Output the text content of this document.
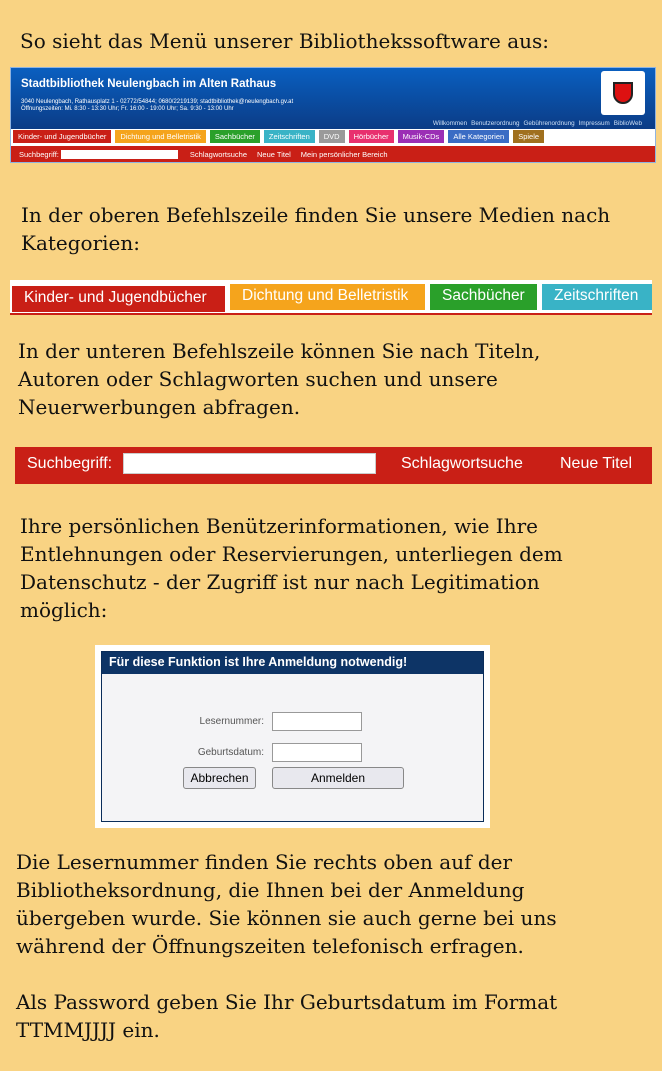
So sieht das Menü unserer Bibliothekssoftware aus:
Stadtbibliothek Neulengbach im Alten Rathaus
3040 Neulengbach, Rathausplatz 1 - 02772/54844; 0680/2219139; stadtbibliothek@neulengbach.gv.at
Öffnungszeiten: Mi. 8:30 - 13:30 Uhr; Fr. 16:00 - 19:00 Uhr; Sa. 9:30 - 13:00 Uhr
Willkommen Benutzerordnung Gebührenordnung Impressum BiblioWeb
Kinder- und Jugendbücher	Dichtung und Belletristik	Sachbücher	Zeitschriften	DVD	Hörbücher	Musik-CDs	Alle Kategorien	Spiele
Suchbegriff:	Schlagwortsuche Neue Titel Mein persönlicher Bereich
In der oberen Befehlszeile finden Sie unsere Medien nach
Kategorien:
Kinder- und Jugendbücher	Dichtung und Belletristik	Sachbücher	Zeitschriften
In der unteren Befehlszeile können Sie nach Titeln,
Autoren oder Schlagworten suchen und unsere
Neuerwerbungen abfragen.
Suchbegriff:	Schlagwortsuche Neue Titel
Ihre persönlichen Benützerinformationen, wie Ihre
Entlehnungen oder Reservierungen, unterliegen dem
Datenschutz - der Zugriff ist nur nach Legitimation
möglich:
Für diese Funktion ist Ihre Anmeldung notwendig!
Lesernummer:
Geburtsdatum:
Abbrechen	Anmelden
Die Lesernummer finden Sie rechts oben auf der
Bibliotheksordnung, die Ihnen bei der Anmeldung
übergeben wurde. Sie können sie auch gerne bei uns
während der Öffnungszeiten telefonisch erfragen.
Als Password geben Sie Ihr Geburtsdatum im Format
TTMMJJJJ ein.
